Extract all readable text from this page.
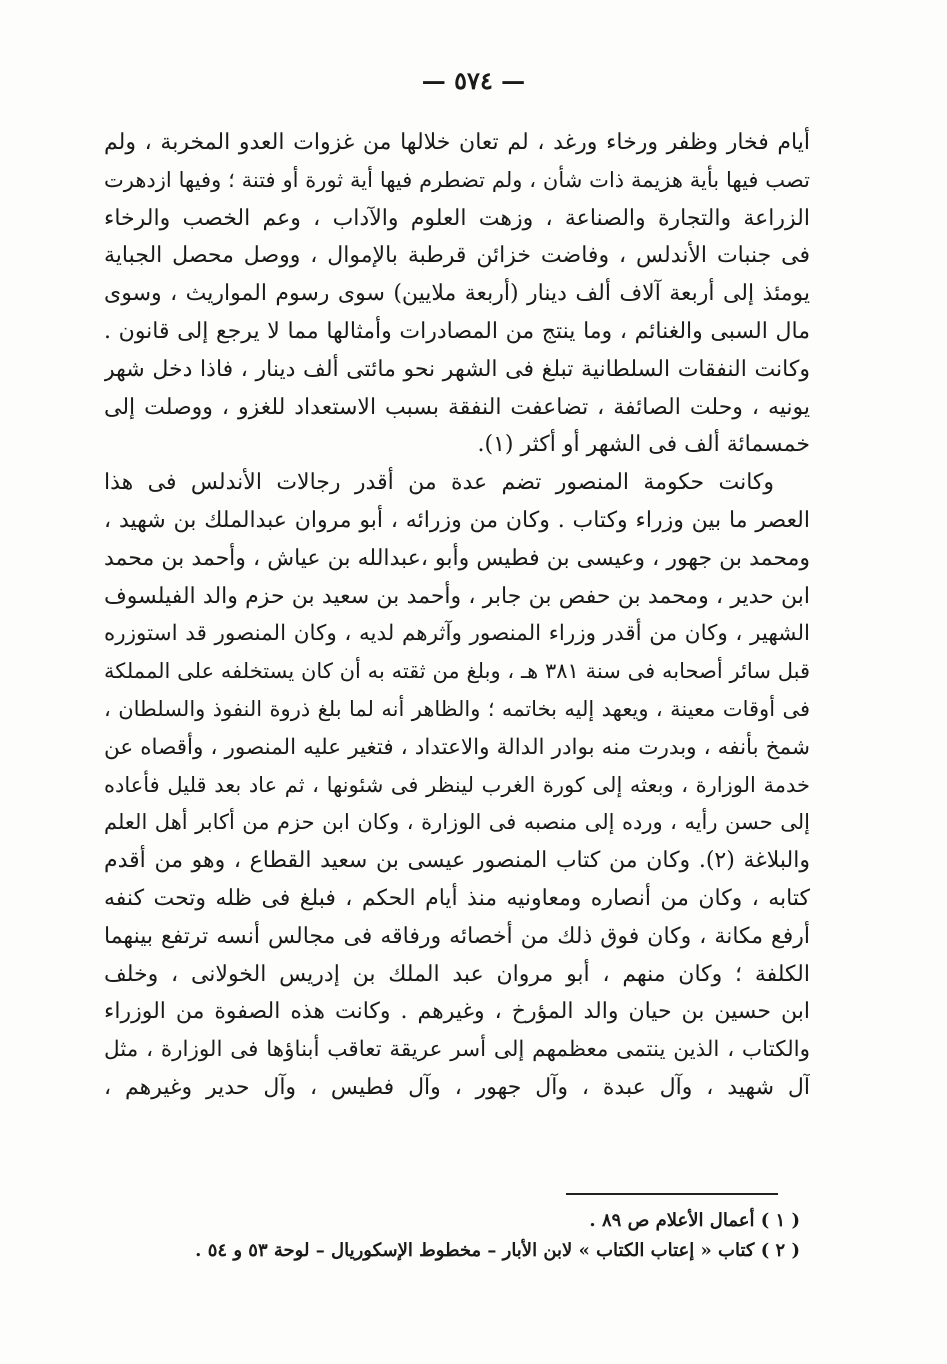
— ٥٧٤ —
أيام فخار وظفر ورخاء ورغد ، لم تعان خلالها من غزوات العدو المخربة ، ولم
تصب فيها بأية هزيمة ذات شأن ، ولم تضطرم فيها أية ثورة أو فتنة ؛ وفيها ازدهرت
الزراعة والتجارة والصناعة ، وزهت العلوم والآداب ، وعم الخصب والرخاء
فى جنبات الأندلس ، وفاضت خزائن قرطبة بالإموال ، ووصل محصل الجباية
يومئذ إلى أربعة آلاف ألف دينار (أربعة ملايين) سوى رسوم المواريث ، وسوى
مال السبى والغنائم ، وما ينتج من المصادرات وأمثالها مما لا يرجع إلى قانون .
وكانت النفقات السلطانية تبلغ فى الشهر نحو مائتى ألف دينار ، فاذا دخل شهر
يونيه ، وحلت الصائفة ، تضاعفت النفقة بسبب الاستعداد للغزو ، ووصلت إلى
خمسمائة ألف فى الشهر أو أكثر (١).
وكانت حكومة المنصور تضم عدة من أقدر رجالات الأندلس فى هذا
العصر ما بين وزراء وكتاب . وكان من وزرائه ، أبو مروان عبدالملك بن شهيد ،
ومحمد بن جهور ، وعيسى بن فطيس وأبو ،عبدالله بن عياش ، وأحمد بن محمد
ابن حدير ، ومحمد بن حفص بن جابر ، وأحمد بن سعيد بن حزم والد الفيلسوف
الشهير ، وكان من أقدر وزراء المنصور وآثرهم لديه ، وكان المنصور قد استوزره
قبل سائر أصحابه فى سنة ٣٨١ هـ ، وبلغ من ثقته به أن كان يستخلفه على المملكة
فى أوقات معينة ، ويعهد إليه بخاتمه ؛ والظاهر أنه لما بلغ ذروة النفوذ والسلطان ،
شمخ بأنفه ، وبدرت منه بوادر الدالة والاعتداد ، فتغير عليه المنصور ، وأقصاه عن
خدمة الوزارة ، وبعثه إلى كورة الغرب لينظر فى شئونها ، ثم عاد بعد قليل فأعاده
إلى حسن رأيه ، ورده إلى منصبه فى الوزارة ، وكان ابن حزم من أكابر أهل العلم
والبلاغة (٢). وكان من كتاب المنصور عيسى بن سعيد القطاع ، وهو من أقدم
كتابه ، وكان من أنصاره ومعاونيه منذ أيام الحكم ، فبلغ فى ظله وتحت كنفه
أرفع مكانة ، وكان فوق ذلك من أخصائه ورفاقه فى مجالس أنسه ترتفع بينهما
الكلفة ؛ وكان منهم ، أبو مروان عبد الملك بن إدريس الخولانى ، وخلف
ابن حسين بن حيان والد المؤرخ ، وغيرهم . وكانت هذه الصفوة من الوزراء
والكتاب ، الذين ينتمى معظمهم إلى أسر عريقة تعاقب أبناؤها فى الوزارة ، مثل
آل شهيد ، وآل عبدة ، وآل جهور ، وآل فطيس ، وآل حدير وغيرهم ،
( ١ ) أعمال الأعلام ص ٨٩ .
( ٢ ) كتاب « إعتاب الكتاب » لابن الأبار – مخطوط الإسكوريال – لوحة ٥٣ و ٥٤ .
